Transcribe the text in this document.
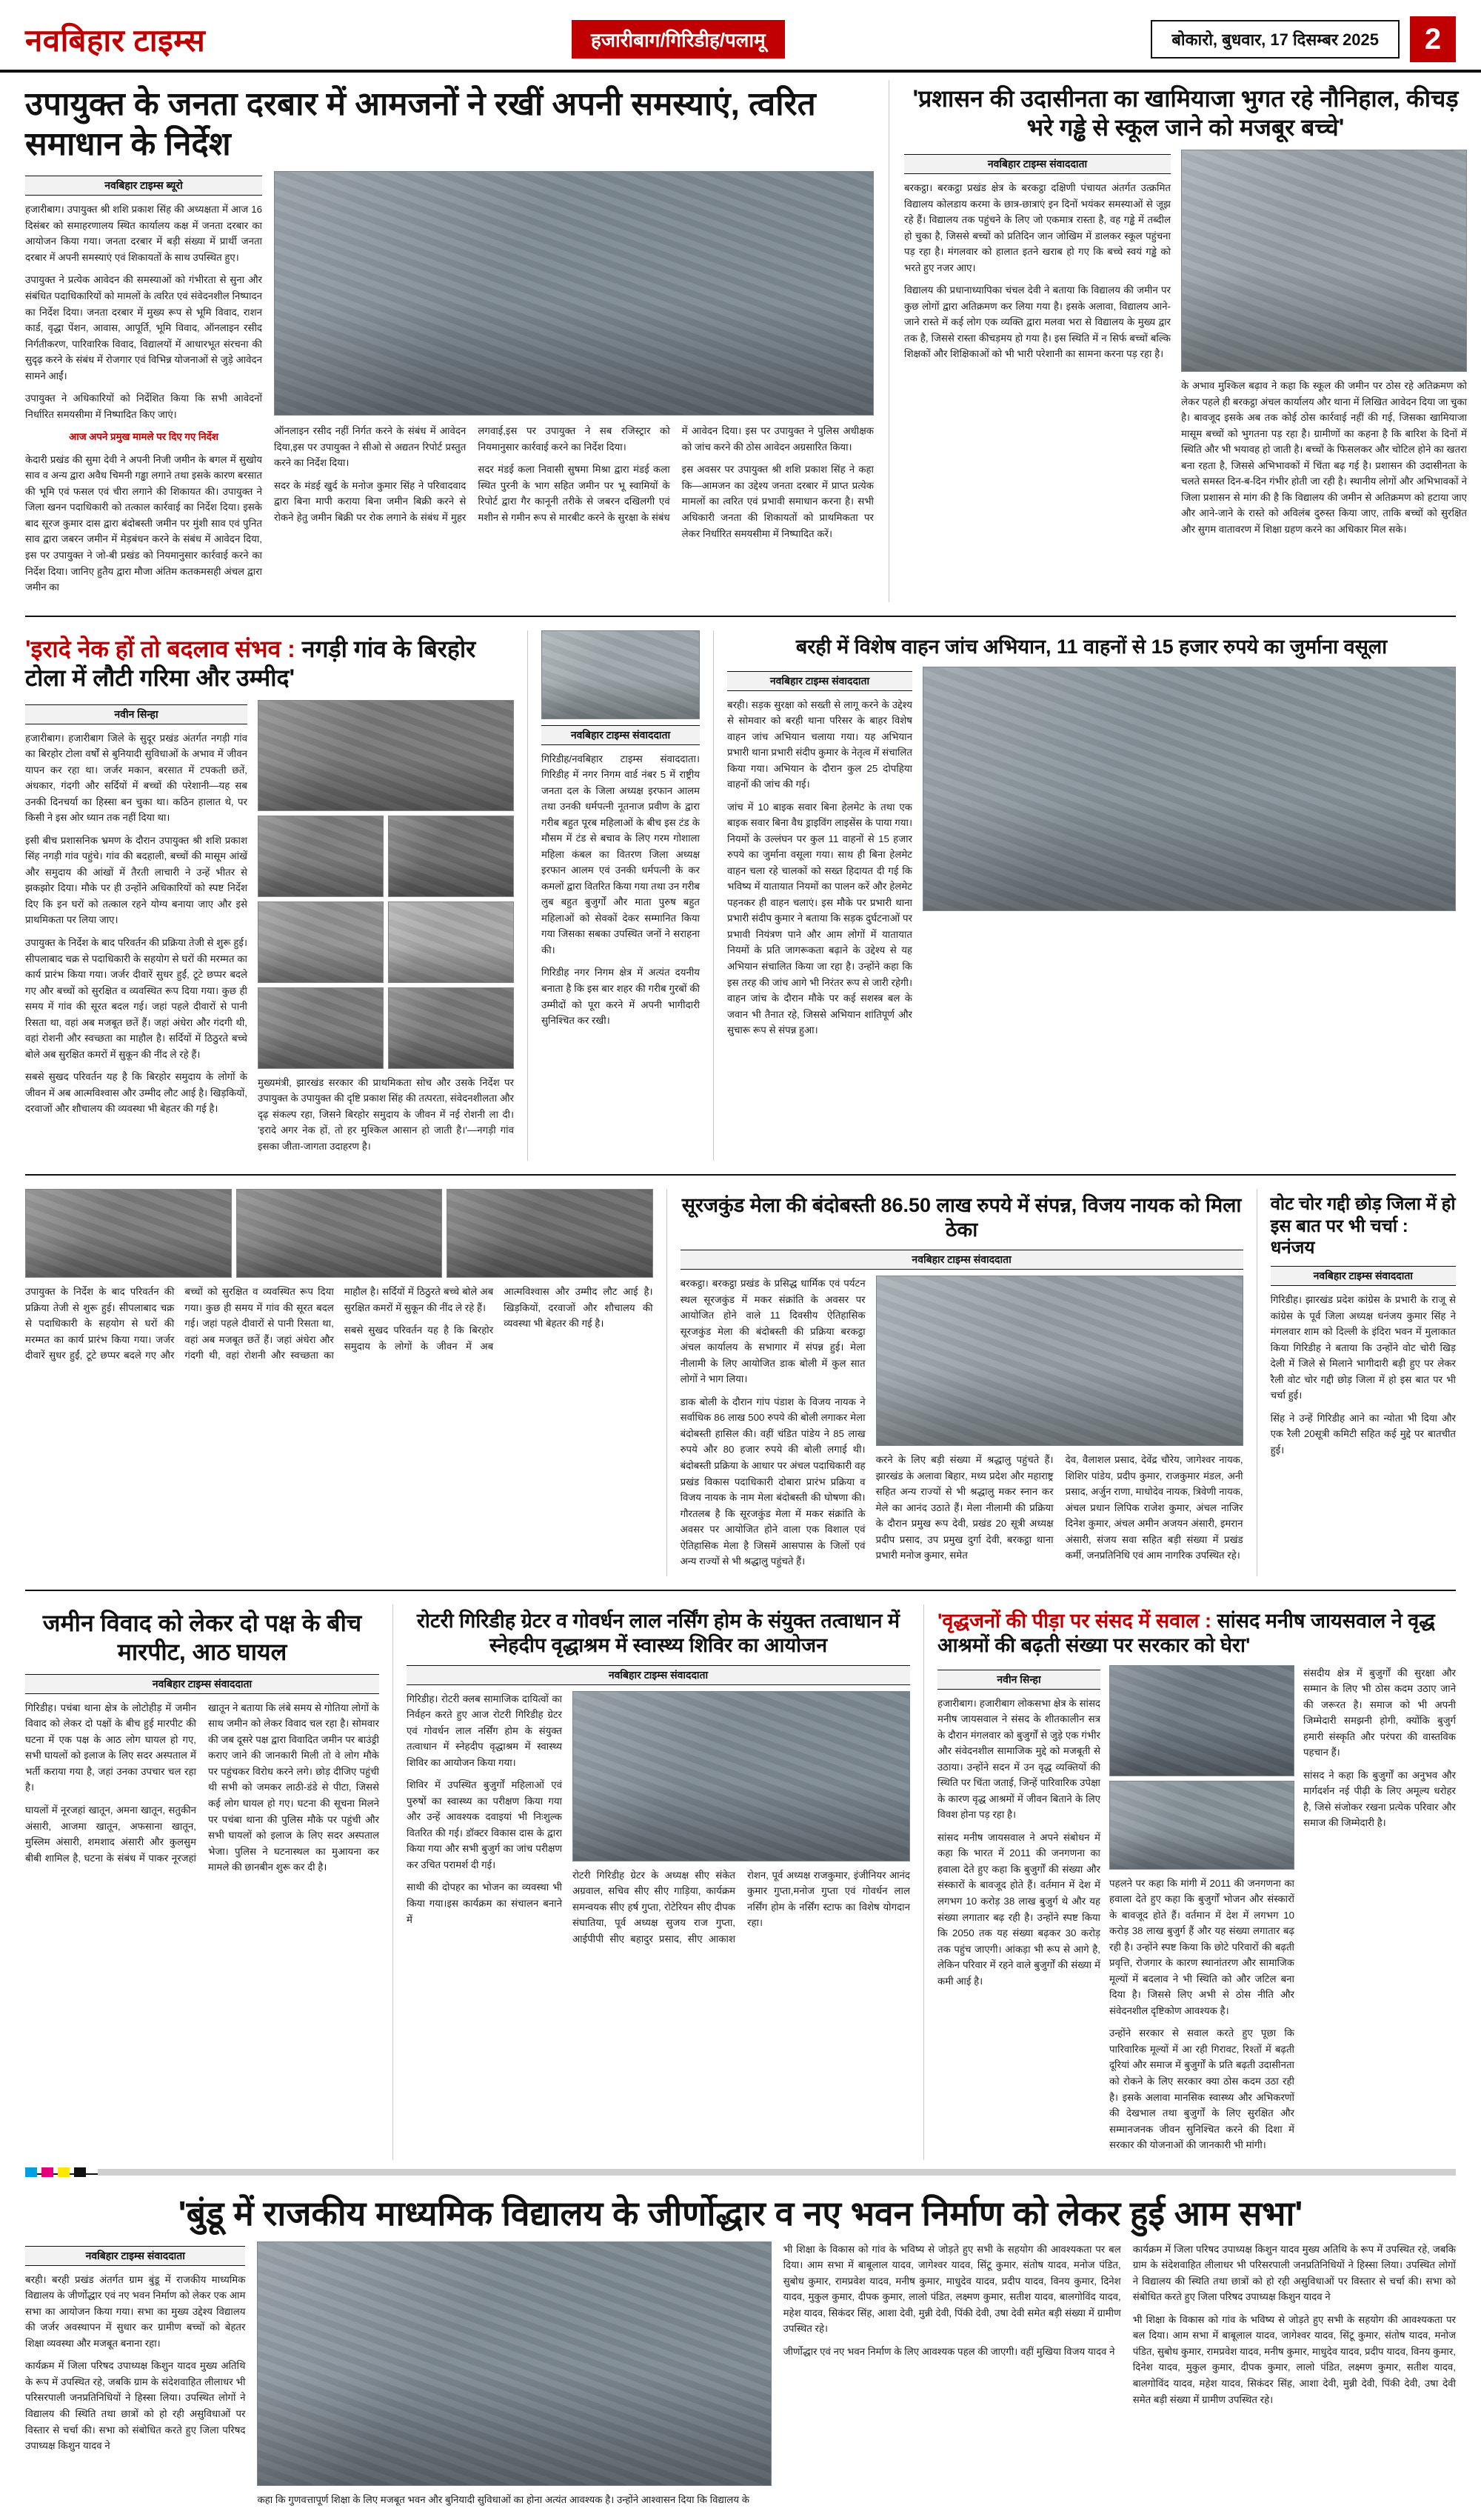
नवबिहार टाइम्स	हजारीबाग/गिरिडीह/पलामू	बोकारो, बुधवार, 17 दिसम्बर 2025	2
उपायुक्त के जनता दरबार में आमजनों ने रखीं अपनी समस्याएं, त्वरित समाधान के निर्देश
नवबिहार टाइम्स ब्यूरो

हजारीबाग। उपायुक्त श्री शशि प्रकाश सिंह की अध्यक्षता में आज 16 दिसंबर को समाहरणालय स्थित कार्यालय कक्ष में जनता दरबार का आयोजन किया गया। जनता दरबार में बड़ी संख्या में प्रार्थी जनता दरबार में अपनी समस्याएं एवं शिकायतों के साथ उपस्थित हुए।

उपायुक्त ने प्रत्येक आवेदन की समस्याओं को गंभीरता से सुना और संबंधित पदाधिकारियों को मामलों के त्वरित एवं संवेदनशील निष्पादन का निर्देश दिया। जनता दरबार में मुख्य रूप से भूमि विवाद, राशन कार्ड, वृद्धा पेंशन, आवास, आपूर्ति, भूमि विवाद, ऑनलाइन रसीद निर्गतीकरण, पारिवारिक विवाद, विद्यालयों में आधारभूत संरचना की सुदृढ़ करने के संबंध में रोजगार एवं विभिन्न योजनाओं से जुड़े आवेदन सामने आईं।

उपायुक्त ने अधिकारियों को निर्देशित किया कि सभी आवेदनों निर्धारित समयसीमा में निष्पादित किए जाएं।

आज अपने प्रमुख मामले पर दिए गए निर्देश

केदारी प्रखंड की सुमा देवी ने अपनी निजी जमीन के बगल में सुखोय साव व अन्य द्वारा अवैध चिमनी गड्ढा लगाने तथा इसके कारण बरसात की भूमि एवं फसल एवं चीरा लगाने की शिकायत की। उपायुक्त ने जिला खनन पदाधिकारी को तत्काल कार्रवाई का निर्देश दिया। इसके बाद सूरज कुमार दास द्वारा बंदोबस्ती जमीन पर मुंशी साव एवं पुनित साव द्वारा जबरन जमीन में मेड़बंधन करने के संबंध में आवेदन दिया, इस पर उपायुक्त ने जो-बी प्रखंड को नियमानुसार कार्रवाई करने का निर्देश दिया। जानिए हुतैय द्वारा मौजा अंतिम कतकमसही अंचल द्वारा जमीन का

ऑनलाइन रसीद नहीं निर्गत करने के संबंध में आवेदन दिया,इस पर उपायुक्त ने सीओ से अद्यतन रिपोर्ट प्रस्तुत करने का निर्देश दिया।

सदर के मंडई खुर्द के मनोज कुमार सिंह ने परिवादवाद द्वारा बिना मापी कराया बिना जमीन बिक्री करने से रोकने हेतु जमीन बिक्री पर रोक लगाने के संबंध में मुहर लगवाई,इस पर उपायुक्त ने सब रजिस्ट्रार को नियमानुसार कार्रवाई करने का निर्देश दिया।

सदर मंडई कला निवासी सुषमा मिश्रा द्वारा मंडई कला स्थित पुरनी के भाग सहित जमीन पर भू स्वामियों के रिपोर्ट द्वारा गैर कानूनी तरीके से जबरन दखिलगी एवं मशीन से गमीन रूप से मारबीट करने के सुरक्षा के संबंध में आवेदन दिया। इस पर उपायुक्त ने पुलिस अधीक्षक को जांच करने की ठोस आवेदन अग्रसारित किया।

इस अवसर पर उपायुक्त श्री शशि प्रकाश सिंह ने कहा कि—आमजन का उद्देश्य जनता दरबार में प्राप्त प्रत्येक मामलों का त्वरित एवं प्रभावी समाधान करना है। सभी अधिकारी जनता की शिकायतों को प्राथमिकता पर लेकर निर्धारित समयसीमा में निष्पादित करें।

'प्रशासन की उदासीनता का खामियाजा भुगत रहे नौनिहाल, कीचड़ भरे गड्ढे से स्कूल जाने को मजबूर बच्चे'
नवबिहार टाइम्स संवाददाता

बरकट्ठा। बरकट्ठा प्रखंड क्षेत्र के बरकट्ठा दक्षिणी पंचायत अंतर्गत उत्क्रमित विद्यालय कोलडाय करमा के छात्र-छात्राएं इन दिनों भयंकर समस्याओं से जूझ रहे हैं। विद्यालय तक पहुंचने के लिए जो एकमात्र रास्ता है, वह गड्ढे में तब्दील हो चुका है, जिससे बच्चों को प्रतिदिन जान जोखिम में डालकर स्कूल पहुंचना पड़ रहा है। मंगलवार को हालात इतने खराब हो गए कि बच्चे स्वयं गड्ढे को भरते हुए नजर आए।

विद्यालय की प्रधानाध्यापिका चंचल देवी ने बताया कि विद्यालय की जमीन पर कुछ लोगों द्वारा अतिक्रमण कर लिया गया है। इसके अलावा, विद्यालय आने-जाने रास्ते में कई लोग एक व्यक्ति द्वारा मलवा भरा से विद्यालय के मुख्य द्वार तक है, जिससे रास्ता कीचड़मय हो गया है। इस स्थिति में न सिर्फ बच्चों बल्कि शिक्षकों और शिक्षिकाओं को भी भारी परेशानी का सामना करना पड़ रहा है।

के अभाव मुश्किल बढ़ाव ने कहा कि स्कूल की जमीन पर ठोस रहे अतिक्रमण को लेकर पहले ही बरकट्ठा अंचल कार्यालय और थाना में लिखित आवेदन दिया जा चुका है। बावजूद इसके अब तक कोई ठोस कार्रवाई नहीं की गई, जिसका खामियाजा मासूम बच्चों को भुगतना पड़ रहा है। ग्रामीणों का कहना है कि बारिश के दिनों में स्थिति और भी भयावह हो जाती है। बच्चों के फिसलकर और चोटिल होने का खतरा बना रहता है, जिससे अभिभावकों में चिंता बढ़ गई है। प्रशासन की उदासीनता के चलते समस्त दिन-ब-दिन गंभीर होती जा रही है। स्थानीय लोगों और अभिभावकों ने जिला प्रशासन से मांग की है कि विद्यालय की जमीन से अतिक्रमण को हटाया जाए और आने-जाने के रास्ते को अविलंब दुरुस्त किया जाए, ताकि बच्चों को सुरक्षित और सुगम वातावरण में शिक्षा ग्रहण करने का अधिकार मिल सके।

'इरादे नेक हों तो बदलाव संभव : नगड़ी गांव के बिरहोर टोला में लौटी गरिमा और उम्मीद'
नवीन सिन्हा

हजारीबाग। हजारीबाग जिले के सुदूर प्रखंड अंतर्गत नगड़ी गांव का बिरहोर टोला वर्षों से बुनियादी सुविधाओं के अभाव में जीवन यापन कर रहा था। जर्जर मकान, बरसात में टपकती छतें, अंधकार, गंदगी और सर्दियों में बच्चों की परेशानी—यह सब उनकी दिनचर्या का हिस्सा बन चुका था। कठिन हालात थे, पर किसी ने इस ओर ध्यान तक नहीं दिया था।

इसी बीच प्रशासनिक भ्रमण के दौरान उपायुक्त श्री शशि प्रकाश सिंह नगड़ी गांव पहुंचे। गांव की बदहाली, बच्चों की मासूम आंखें और समुदाय की आंखों में तैरती लाचारी ने उन्हें भीतर से झकझोर दिया। मौके पर ही उन्होंने अधिकारियों को स्पष्ट निर्देश दिए कि इन घरों को तत्काल रहने योग्य बनाया जाए और इसे प्राथमिकता पर लिया जाए।

उपायुक्त के निर्देश के बाद परिवर्तन की प्रक्रिया तेजी से शुरू हुई। सीपलाबाद चक्र से पदाधिकारी के सहयोग से घरों की मरम्मत का कार्य प्रारंभ किया गया। जर्जर दीवारें सुधर हुईं, टूटे छप्पर बदले गए और बच्चों को सुरक्षित व व्यवस्थित रूप दिया गया। कुछ ही समय में गांव की सूरत बदल गई। जहां पहले दीवारों से पानी रिसता था, वहां अब मजबूत छतें हैं। जहां अंधेरा और गंदगी थी, वहां रोशनी और स्वच्छता का माहौल है। सर्दियों में ठिठुरते बच्चे बोले अब सुरक्षित कमरों में सुकून की नींद ले रहे हैं।

सबसे सुखद परिवर्तन यह है कि बिरहोर समुदाय के लोगों के जीवन में अब आत्मविश्वास और उम्मीद लौट आई है। खिड़कियों, दरवाजों और शौचालय की व्यवस्था भी बेहतर की गई है।

मुख्यमंत्री, झारखंड सरकार की प्राथमिकता सोच और उसके निर्देश पर उपायुक्त के उपायुक्त की दृष्टि प्रकाश सिंह की तत्परता, संवेदनशीलता और दृढ़ संकल्प रहा, जिसने बिरहोर समुदाय के जीवन में नई रोशनी ला दी। 'इरादे अगर नेक हों, तो हर मुश्किल आसान हो जाती है।'—नगड़ी गांव इसका जीता-जागता उदाहरण है।

नवबिहार टाइम्स संवाददाता

गिरिडीह/नवबिहार टाइम्स संवाददाता। गिरिडीह में नगर निगम वार्ड नंबर 5 में राष्ट्रीय जनता दल के जिला अध्यक्ष इरफान आलम तथा उनकी धर्मपत्नी नूतनाज प्रवीण के द्वारा गरीब बहुत पूरब महिलाओं के बीच इस टंड के मौसम में टंड से बचाव के लिए गरम गोशाला महिला कंबल का वितरण जिला अध्यक्ष इरफान आलम एवं उनकी धर्मपत्नी के कर कमलों द्वारा वितरित किया गया तथा उन गरीब लुब बहुत बुजुर्गों और माता पुरुष बहुत महिलाओं को सेवकों देकर सम्मानित किया गया जिसका सबका उपस्थित जनों ने सराहना की।

गिरिडीह नगर निगम क्षेत्र में अत्यंत दयनीय बनाता है कि इस बार शहर की गरीब गुरबों की उम्मीदों को पूरा करने में अपनी भागीदारी सुनिश्चित कर रखी।

बरही में विशेष वाहन जांच अभियान, 11 वाहनों से 15 हजार रुपये का जुर्माना वसूला
नवबिहार टाइम्स संवाददाता

बरही। सड़क सुरक्षा को सख्ती से लागू करने के उद्देश्य से सोमवार को बरही थाना परिसर के बाहर विशेष वाहन जांच अभियान चलाया गया। यह अभियान प्रभारी थाना प्रभारी संदीप कुमार के नेतृत्व में संचालित किया गया। अभियान के दौरान कुल 25 दोपहिया वाहनों की जांच की गई।

जांच में 10 बाइक सवार बिना हेलमेट के तथा एक बाइक सवार बिना वैध ड्राइविंग लाइसेंस के पाया गया। नियमों के उल्लंघन पर कुल 11 वाहनों से 15 हजार रुपये का जुर्माना वसूला गया। साथ ही बिना हेलमेट वाहन चला रहे चालकों को सख्त हिदायत दी गई कि भविष्य में यातायात नियमों का पालन करें और हेलमेट पहनकर ही वाहन चलाएं। इस मौके पर प्रभारी थाना प्रभारी संदीप कुमार ने बताया कि सड़क दुर्घटनाओं पर प्रभावी नियंत्रण पाने और आम लोगों में यातायात नियमों के प्रति जागरूकता बढ़ाने के उद्देश्य से यह अभियान संचालित किया जा रहा है। उन्होंने कहा कि इस तरह की जांच आगे भी निरंतर रूप से जारी रहेगी। वाहन जांच के दौरान मौके पर कई सशस्त्र बल के जवान भी तैनात रहे, जिससे अभियान शांतिपूर्ण और सुचारू रूप से संपन्न हुआ।

उपायुक्त के निर्देश के बाद परिवर्तन की प्रक्रिया तेजी से शुरू हुई। सीपलाबाद चक्र से पदाधिकारी के सहयोग से घरों की मरम्मत का कार्य प्रारंभ किया गया। जर्जर दीवारें सुधर हुईं, टूटे छप्पर बदले गए और बच्चों को सुरक्षित व व्यवस्थित रूप दिया गया। कुछ ही समय में गांव की सूरत बदल गई। जहां पहले दीवारों से पानी रिसता था, वहां अब मजबूत छतें हैं। जहां अंधेरा और गंदगी थी, वहां रोशनी और स्वच्छता का माहौल है। सर्दियों में ठिठुरते बच्चे बोले अब सुरक्षित कमरों में सुकून की नींद ले रहे हैं।

सबसे सुखद परिवर्तन यह है कि बिरहोर समुदाय के लोगों के जीवन में अब आत्मविश्वास और उम्मीद लौट आई है। खिड़कियों, दरवाजों और शौचालय की व्यवस्था भी बेहतर की गई है।

सूरजकुंड मेला की बंदोबस्ती 86.50 लाख रुपये में संपन्न, विजय नायक को मिला ठेका
नवबिहार टाइम्स संवाददाता

बरकट्ठा। बरकट्ठा प्रखंड के प्रसिद्ध धार्मिक एवं पर्यटन स्थल सूरजकुंड में मकर संक्रांति के अवसर पर आयोजित होने वाले 11 दिवसीय ऐतिहासिक सूरजकुंड मेला की बंदोबस्ती की प्रक्रिया बरकट्ठा अंचल कार्यालय के सभागार में संपन्न हुई। मेला नीलामी के लिए आयोजित डाक बोली में कुल सात लोगों ने भाग लिया।

डाक बोली के दौरान गांप पंडाश के विजय नायक ने सर्वाधिक 86 लाख 500 रुपये की बोली लगाकर मेला बंदोबस्ती हासिल की। वहीं चंडित पांडेय ने 85 लाख रुपये और 80 हजार रुपये की बोली लगाई थी। बंदोबस्ती प्रक्रिया के आधार पर अंचल पदाधिकारी वह प्रखंड विकास पदाधिकारी दोबारा प्रारंभ प्रक्रिया व विजय नायक के नाम मेला बंदोबस्ती की घोषणा की। गौरतलब है कि सूरजकुंड मेला में मकर संक्रांति के अवसर पर आयोजित होने वाला एक विशाल एवं ऐतिहासिक मेला है जिसमें आसपास के जिलों एवं अन्य राज्यों से भी श्रद्धालु पहुंचते हैं।

करने के लिए बड़ी संख्या में श्रद्धालु पहुंचते हैं। झारखंड के अलावा बिहार, मध्य प्रदेश और महाराष्ट्र सहित अन्य राज्यों से भी श्रद्धालु मकर स्नान कर मेले का आनंद उठाते हैं। मेला नीलामी की प्रक्रिया के दौरान प्रमुख रूप देवी, प्रखंड 20 सूत्री अध्यक्ष प्रदीप प्रसाद, उप प्रमुख दुर्गा देवी, बरकट्ठा थाना प्रभारी मनोज कुमार, समेत

देव, वैलाशल प्रसाद, देवेंद्र चौरेय, जागेश्वर नायक, शिशिर पांडेय, प्रदीप कुमार, राजकुमार मंडल, अनी प्रसाद, अर्जुन राणा, माधोदेव नायक, त्रिवेणी नायक, अंचल प्रधान लिपिक राजेश कुमार, अंचल नाजिर दिनेश कुमार, अंचल अमीन अजयन अंसारी, इमरान अंसारी, संजय सवा सहित बड़ी संख्या में प्रखंड कर्मी, जनप्रतिनिधि एवं आम नागरिक उपस्थित रहे।

वोट चोर गद्दी छोड़ जिला में हो इस बात पर भी चर्चा : धनंजय
नवबिहार टाइम्स संवाददाता

गिरिडीह। झारखंड प्रदेश कांग्रेस के प्रभारी के राजू से कांग्रेस के पूर्व जिला अध्यक्ष धनंजय कुमार सिंह ने मंगलवार शाम को दिल्ली के इंदिरा भवन में मुलाकात किया गिरिडीह ने बताया कि उन्होंने वोट चोरी खिड़ देली में जिले से मिलाने भागीदारी बड़ी हुए पर लेकर रैली वोट चोर गद्दी छोड़ जिला में हो इस बात पर भी चर्चा हुई।

सिंह ने उन्हें गिरिडीह आने का न्योता भी दिया और एक रैली 20सूत्री कमिटी सहित कई मुद्दे पर बातचीत हुई।

जमीन विवाद को लेकर दो पक्ष के बीच मारपीट, आठ घायल
नवबिहार टाइम्स संवाददाता

गिरिडीह। पचंबा थाना क्षेत्र के लोटोहीड़ में जमीन विवाद को लेकर दो पक्षों के बीच हुई मारपीट की घटना में एक पक्ष के आठ लोग घायल हो गए, सभी घायलों को इलाज के लिए सदर अस्पताल में भर्ती कराया गया है, जहां उनका उपचार चल रहा है।

घायलों में नूरजहां खातून, अमना खातून, सतुकीन अंसारी, आजमा खातून, अफसाना खातून, मुस्लिम अंसारी, शमशाद अंसारी और कुलसुम बीबी शामिल है, घटना के संबंध में पाकर नूरजहां खातून ने बताया कि लंबे समय से गोतिया लोगों के साथ जमीन को लेकर विवाद चल रहा है। सोमवार की जब दूसरे पक्ष द्वारा विवादित जमीन पर बाउंड्री कराए जाने की जानकारी मिली तो वे लोग मौके पर पहुंचकर विरोध करने लगे। छोड़ दीजिए पहुंची थी सभी को जमकर लाठी-डंडे से पीटा, जिससे कई लोग घायल हो गए। घटना की सूचना मिलने पर पचंबा थाना की पुलिस मौके पर पहुंची और सभी घायलों को इलाज के लिए सदर अस्पताल भेजा। पुलिस ने घटनास्थल का मुआयना कर मामले की छानबीन शुरू कर दी है।

रोटरी गिरिडीह ग्रेटर व गोवर्धन लाल नर्सिंग होम के संयुक्त तत्वाधान में स्नेहदीप वृद्धाश्रम में स्वास्थ्य शिविर का आयोजन
नवबिहार टाइम्स संवाददाता

गिरिडीह। रोटरी क्लब सामाजिक दायित्वों का निर्वहन करते हुए आज रोटरी गिरिडीह ग्रेटर एवं गोवर्धन लाल नर्सिंग होम के संयुक्त तत्वाधान में स्नेहदीप वृद्धाश्रम में स्वास्थ्य शिविर का आयोजन किया गया।

शिविर में उपस्थित बुजुर्गों महिलाओं एवं पुरुषों का स्वास्थ्य का परीक्षण किया गया और उन्हें आवश्यक दवाइयां भी निःशुल्क वितरित की गई। डॉक्टर विकास दास के द्वारा किया गया और सभी बुजुर्ग का जांच परीक्षण कर उचित परामर्श दी गई।

साथी की दोपहर का भोजन का व्यवस्था भी किया गया।इस कार्यक्रम का संचालन बनाने में

रोटरी गिरिडीह ग्रेटर के अध्यक्ष सीए संकेत अग्रवाल, सचिव सीए सीए गाड़िया, कार्यक्रम समन्वयक सीए हर्ष गुप्ता, रोटेरियन सीए दीपक संघातिया, पूर्व अध्यक्ष सुजय राज गुप्ता, आईपीपी सीए बहादुर प्रसाद, सीए आकाश रोशन, पूर्व अध्यक्ष राजकुमार, इंजीनियर आनंद कुमार गुप्ता,मनोज गुप्ता एवं गोवर्धन लाल नर्सिंग होम के नर्सिंग स्टाफ का विशेष योगदान रहा।

'वृद्धजनों की पीड़ा पर संसद में सवाल : सांसद मनीष जायसवाल ने वृद्ध आश्रमों की बढ़ती संख्या पर सरकार को घेरा'
नवीन सिन्हा

हजारीबाग। हजारीबाग लोकसभा क्षेत्र के सांसद मनीष जायसवाल ने संसद के शीतकालीन सत्र के दौरान मंगलवार को बुजुर्गों से जुड़े एक गंभीर और संवेदनशील सामाजिक मुद्दे को मजबूती से उठाया। उन्होंने सदन में उन वृद्ध व्यक्तियों की स्थिति पर चिंता जताई, जिन्हें पारिवारिक उपेक्षा के कारण वृद्ध आश्रमों में जीवन बिताने के लिए विवश होना पड़ रहा है।

सांसद मनीष जायसवाल ने अपने संबोधन में कहा कि भारत में 2011 की जनगणना का हवाला देते हुए कहा कि बुजुर्गों की संख्या और संस्कारों के बावजूद होते हैं। वर्तमान में देश में लगभग 10 करोड़ 38 लाख बुजुर्ग थे और यह संख्या लगातार बढ़ रही है। उन्होंने स्पष्ट किया कि 2050 तक यह संख्या बढ़कर 30 करोड़ तक पहुंच जाएगी। आंकड़ा भी रूप से आगे है, लेकिन परिवार में रहने वाले बुजुर्गों की संख्या में कमी आई है।

पहलने पर कहा कि मांगी में 2011 की जनगणना का हवाला देते हुए कहा कि बुजुर्गों भोजन और संस्कारों के बावजूद होते हैं। वर्तमान में देश में लगभग 10 करोड़ 38 लाख बुजुर्ग हैं और यह संख्या लगातार बढ़ रही है। उन्होंने स्पष्ट किया कि छोटे परिवारों की बढ़ती प्रवृत्ति, रोजगार के कारण स्थानांतरण और सामाजिक मूल्यों में बदलाव ने भी स्थिति को और जटिल बना दिया है। जिससे लिए अभी से ठोस नीति और संवेदनशील दृष्टिकोण आवश्यक है।

उन्होंने सरकार से सवाल करते हुए पूछा कि पारिवारिक मूल्यों में आ रही गिरावट, रिश्तों में बढ़ती दूरियां और समाज में बुजुर्गों के प्रति बढ़ती उदासीनता को रोकने के लिए सरकार क्या ठोस कदम उठा रही है। इसके अलावा मानसिक स्वास्थ्य और अभिकरणों की देखभाल तथा बुजुर्गों के लिए सुरक्षित और सम्मानजनक जीवन सुनिश्चित करने की दिशा में सरकार की योजनाओं की जानकारी भी मांगी।

संसदीय क्षेत्र में बुजुर्गों की सुरक्षा और सम्मान के लिए भी ठोस कदम उठाए जाने की जरूरत है। समाज को भी अपनी जिम्मेदारी समझनी होगी, क्योंकि बुजुर्ग हमारी संस्कृति और परंपरा की वास्तविक पहचान हैं।

सांसद ने कहा कि बुजुर्गों का अनुभव और मार्गदर्शन नई पीढ़ी के लिए अमूल्य धरोहर है, जिसे संजोकर रखना प्रत्येक परिवार और समाज की जिम्मेदारी है।

'बुंडू में राजकीय माध्यमिक विद्यालय के जीर्णोद्धार व नए भवन निर्माण को लेकर हुई आम सभा'
नवबिहार टाइम्स संवाददाता

बरही। बरही प्रखंड अंतर्गत ग्राम बुंडू में राजकीय माध्यमिक विद्यालय के जीर्णोद्धार एवं नए भवन निर्माण को लेकर एक आम सभा का आयोजन किया गया। सभा का मुख्य उद्देश्य विद्यालय की जर्जर अवस्थापन में सुधार कर ग्रामीण बच्चों को बेहतर शिक्षा व्यवस्था और मजबूत बनाना रहा।

कार्यक्रम में जिला परिषद उपाध्यक्ष किशुन यादव मुख्य अतिथि के रूप में उपस्थित रहे, जबकि ग्राम के संदेशवाहित लीलाधर भी परिसरपाली जनप्रतिनिधियों ने हिस्सा लिया। उपस्थित लोगों ने विद्यालय की स्थिति तथा छात्रों को हो रही असुविधाओं पर विस्तार से चर्चा की। सभा को संबोधित करते हुए जिला परिषद उपाध्यक्ष किशुन यादव ने

कहा कि गुणवत्तापूर्ण शिक्षा के लिए मजबूत भवन और बुनियादी सुविधाओं का होना अत्यंत आवश्यक है। उन्होंने आश्वासन दिया कि विद्यालय के

भी शिक्षा के विकास को गांव के भविष्य से जोड़ते हुए सभी के सहयोग की आवश्यकता पर बल दिया। आम सभा में बाबूलाल यादव, जागेश्वर यादव, सिंटू कुमार, संतोष यादव, मनोज पंडित, सुबोध कुमार, रामप्रवेश यादव, मनीष कुमार, माधुदेव यादव, प्रदीप यादव, विनय कुमार, दिनेश यादव, मुकुल कुमार, दीपक कुमार, लालो पंडित, लक्ष्मण कुमार, सतीश यादव, बालगोविंद यादव, महेश यादव, सिकंदर सिंह, आशा देवी, मुन्नी देवी, पिंकी देवी, उषा देवी समेत बड़ी संख्या में ग्रामीण उपस्थित रहे।

जीर्णोद्धार एवं नए भवन निर्माण के लिए आवश्यक पहल की जाएगी। वहीं मुखिया विजय यादव ने

कार्यक्रम में जिला परिषद उपाध्यक्ष किशुन यादव मुख्य अतिथि के रूप में उपस्थित रहे, जबकि ग्राम के संदेशवाहित लीलाधर भी परिसरपाली जनप्रतिनिधियों ने हिस्सा लिया। उपस्थित लोगों ने विद्यालय की स्थिति तथा छात्रों को हो रही असुविधाओं पर विस्तार से चर्चा की। सभा को संबोधित करते हुए जिला परिषद उपाध्यक्ष किशुन यादव ने

भी शिक्षा के विकास को गांव के भविष्य से जोड़ते हुए सभी के सहयोग की आवश्यकता पर बल दिया। आम सभा में बाबूलाल यादव, जागेश्वर यादव, सिंटू कुमार, संतोष यादव, मनोज पंडित, सुबोध कुमार, रामप्रवेश यादव, मनीष कुमार, माधुदेव यादव, प्रदीप यादव, विनय कुमार, दिनेश यादव, मुकुल कुमार, दीपक कुमार, लालो पंडित, लक्ष्मण कुमार, सतीश यादव, बालगोविंद यादव, महेश यादव, सिकंदर सिंह, आशा देवी, मुन्नी देवी, पिंकी देवी, उषा देवी समेत बड़ी संख्या में ग्रामीण उपस्थित रहे।
